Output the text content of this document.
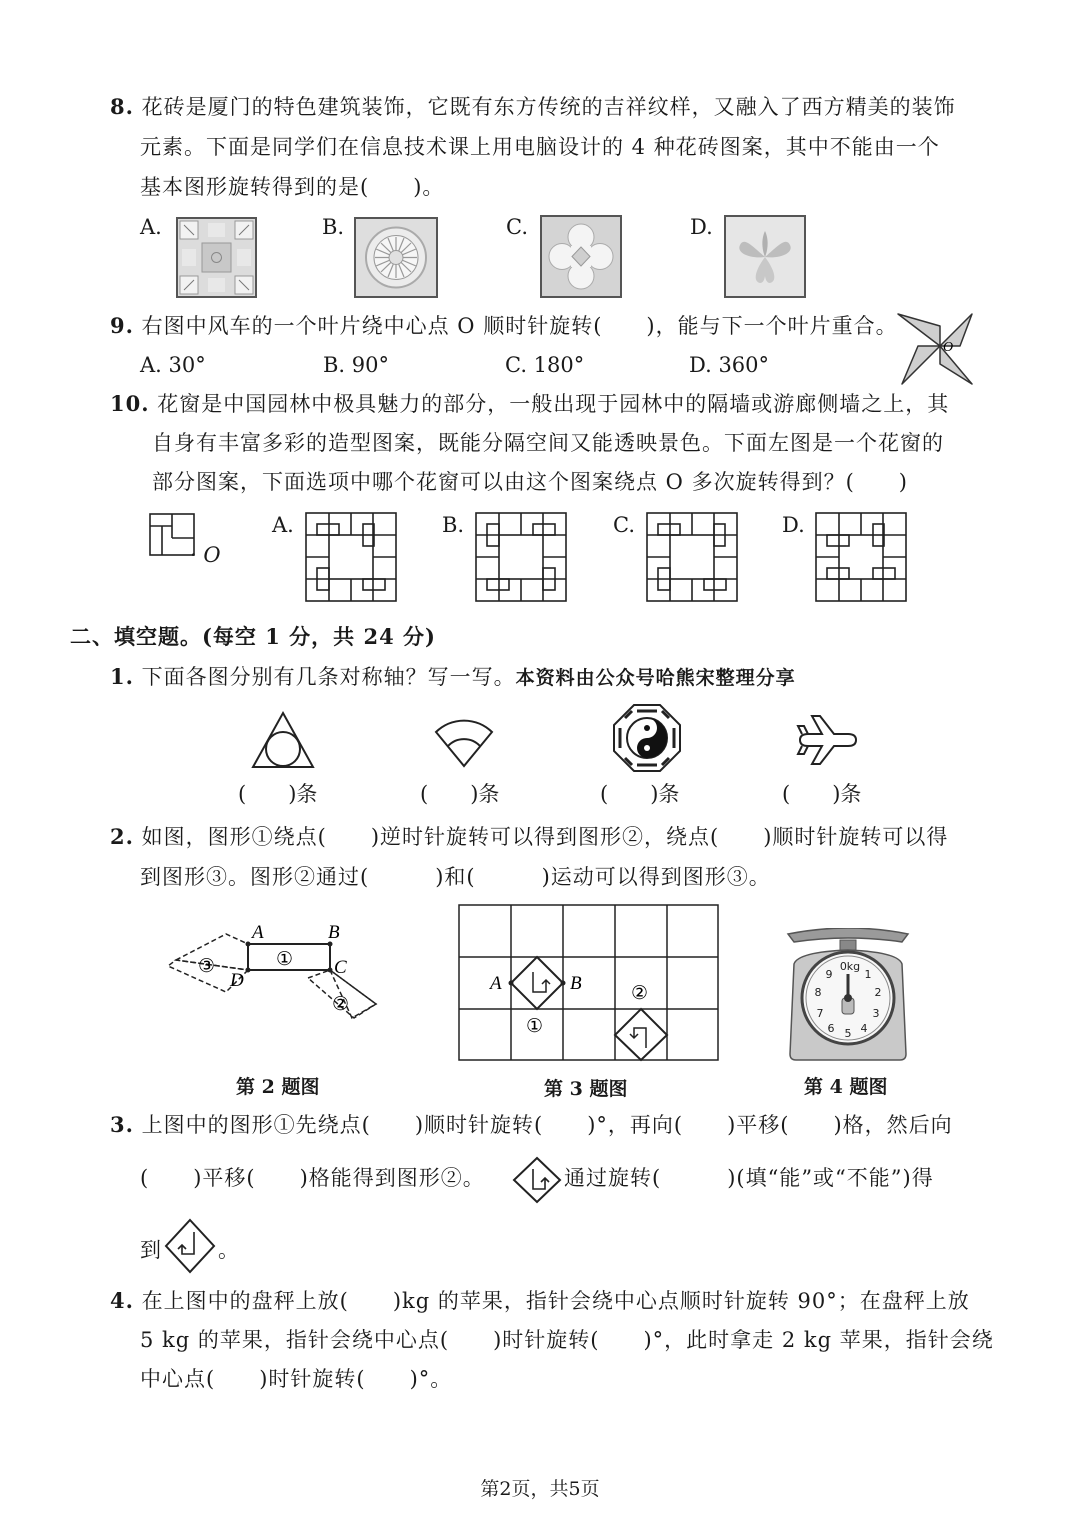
8. 花砖是厦门的特色建筑装饰，它既有东方传统的吉祥纹样，又融入了西方精美的装饰
元素。下面是同学们在信息技术课上用电脑设计的 4 种花砖图案，其中不能由一个
基本图形旋转得到的是(　　)。
A.	B.	C.	D.
9. 右图中风车的一个叶片绕中心点 O 顺时针旋转(　　)，能与下一个叶片重合。
A. 30°	B. 90°	C. 180°	D. 360°
O
10. 花窗是中国园林中极具魅力的部分，一般出现于园林中的隔墙或游廊侧墙之上，其
自身有丰富多彩的造型图案，既能分隔空间又能透映景色。下面左图是一个花窗的
部分图案，下面选项中哪个花窗可以由这个图案绕点 O 多次旋转得到？(　　)
· O
A.	B.	C.	D.
二、填空题。(每空 1 分，共 24 分)
1. 下面各图分别有几条对称轴？写一写。本资料由公众号哈熊宋整理分享
(　　)条	(　　)条	(　　)条	(　　)条
2. 如图，图形①绕点(　　)逆时针旋转可以得到图形②，绕点(　　)顺时针旋转可以得
到图形③。图形②通过(　　　)和(　　　)运动可以得到图形③。
A	B
C
D
①
③
②
A	B
①
②
0kg
1
2
3
4
5
6
7
8
9
第 2 题图	第 3 题图	第 4 题图
3. 上图中的图形①先绕点(　　)顺时针旋转(　　)°，再向(　　)平移(　　)格，然后向
(　　)平移(　　)格能得到图形②。	通过旋转(　　　)(填“能”或“不能”)得
到	。
4. 在上图中的盘秤上放(　　)kg 的苹果，指针会绕中心点顺时针旋转 90°；在盘秤上放
5 kg 的苹果，指针会绕中心点(　　)时针旋转(　　)°，此时拿走 2 kg 苹果，指针会绕
中心点(　　)时针旋转(　　)°。
第2页，共5页
